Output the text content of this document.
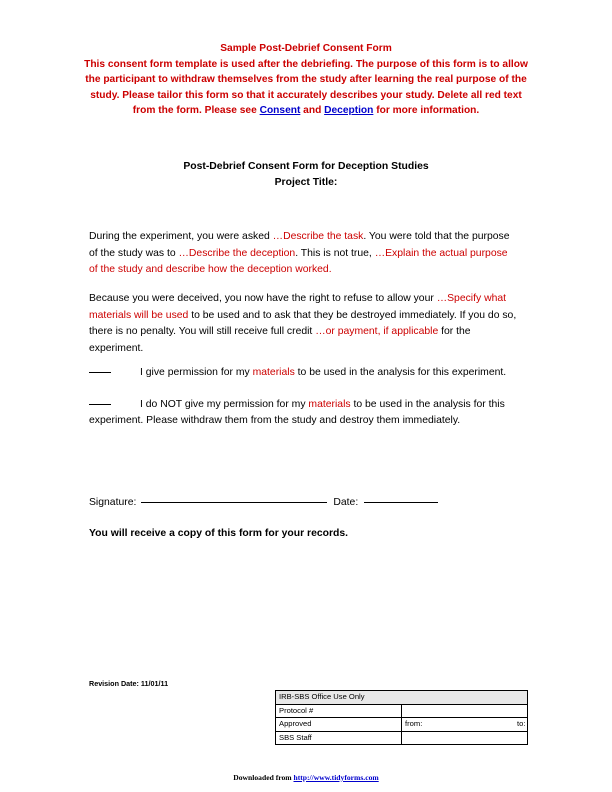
Sample Post-Debrief Consent Form
This consent form template is used after the debriefing. The purpose of this form is to allow the participant to withdraw themselves from the study after learning the real purpose of the study. Please tailor this form so that it accurately describes your study. Delete all red text from the form. Please see Consent and Deception for more information.
Post-Debrief Consent Form for Deception Studies
Project Title:

During the experiment, you were asked …Describe the task. You were told that the purpose of the study was to …Describe the deception. This is not true, …Explain the actual purpose of the study and describe how the deception worked.

Because you were deceived, you now have the right to refuse to allow your …Specify what materials will be used to be used and to ask that they be destroyed immediately. If you do so, there is no penalty. You will still receive full credit …or payment, if applicable for the experiment.

I give permission for my materials to be used in the analysis for this experiment.
I do NOT give my permission for my materials to be used in the analysis for this experiment. Please withdraw them from the study and destroy them immediately.
Signature:	Date:
You will receive a copy of this form for your records.
Revision Date: 11/01/11
IRB-SBS Office Use Only	
Protocol #	
Approved	from: to:

SBS Staff	
Downloaded from http://www.tidyforms.com
